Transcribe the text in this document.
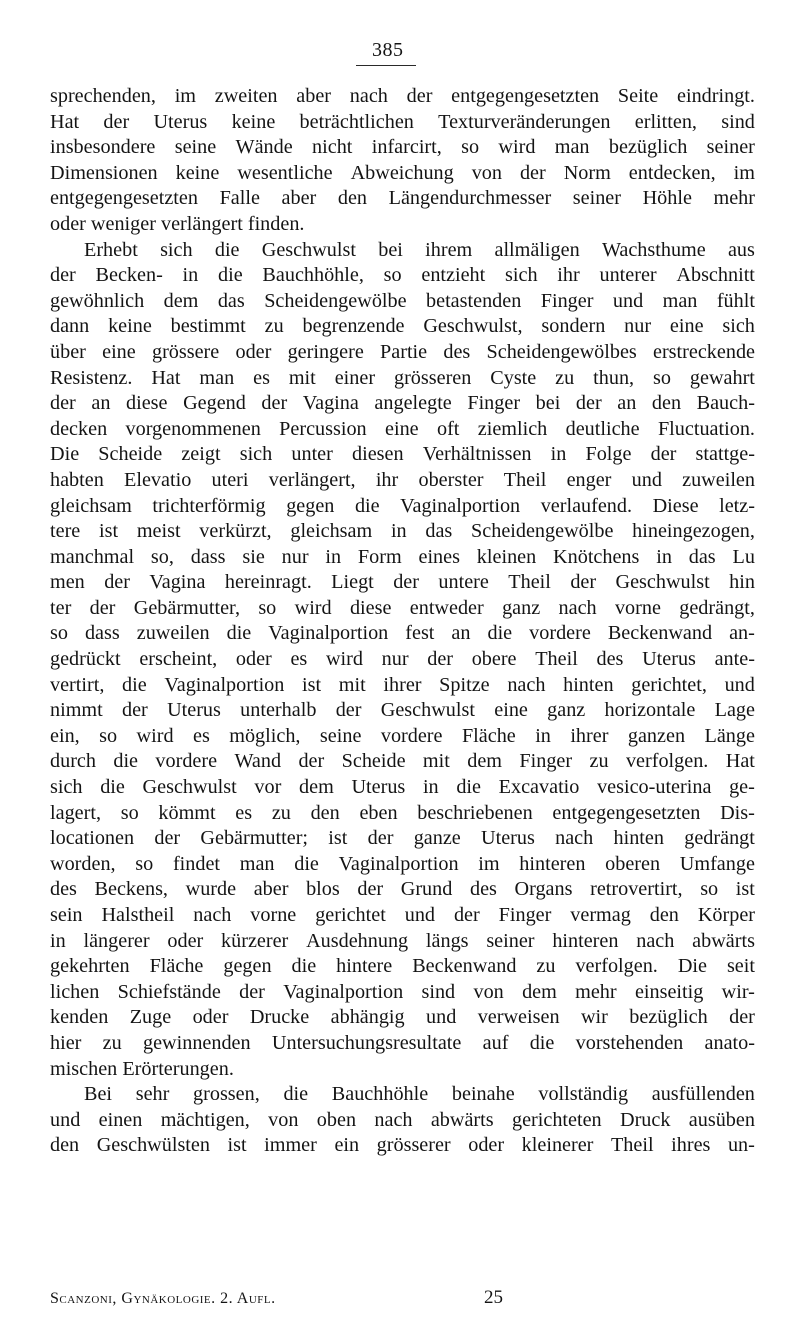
385
sprechenden, im zweiten aber nach der entgegengesetzten Seite eindringt.
Hat der Uterus keine beträchtlichen Texturveränderungen erlitten, sind
insbesondere seine Wände nicht infarcirt, so wird man bezüglich seiner
Dimensionen keine wesentliche Abweichung von der Norm entdecken, im
entgegengesetzten Falle aber den Längendurchmesser seiner Höhle mehr
oder weniger verlängert finden.
Erhebt sich die Geschwulst bei ihrem allmäligen Wachsthume aus
der Becken- in die Bauchhöhle, so entzieht sich ihr unterer Abschnitt
gewöhnlich dem das Scheidengewölbe betastenden Finger und man fühlt
dann keine bestimmt zu begrenzende Geschwulst, sondern nur eine sich
über eine grössere oder geringere Partie des Scheidengewölbes erstreckende
Resistenz. Hat man es mit einer grösseren Cyste zu thun, so gewahrt
der an diese Gegend der Vagina angelegte Finger bei der an den Bauch-
decken vorgenommenen Percussion eine oft ziemlich deutliche Fluctuation.
Die Scheide zeigt sich unter diesen Verhältnissen in Folge der stattge-
habten Elevatio uteri verlängert, ihr oberster Theil enger und zuweilen
gleichsam trichterförmig gegen die Vaginalportion verlaufend. Diese letz-
tere ist meist verkürzt, gleichsam in das Scheidengewölbe hineingezogen,
manchmal so, dass sie nur in Form eines kleinen Knötchens in das Lu
men der Vagina hereinragt. Liegt der untere Theil der Geschwulst hin
ter der Gebärmutter, so wird diese entweder ganz nach vorne gedrängt,
so dass zuweilen die Vaginalportion fest an die vordere Beckenwand an-
gedrückt erscheint, oder es wird nur der obere Theil des Uterus ante-
vertirt, die Vaginalportion ist mit ihrer Spitze nach hinten gerichtet, und
nimmt der Uterus unterhalb der Geschwulst eine ganz horizontale Lage
ein, so wird es möglich, seine vordere Fläche in ihrer ganzen Länge
durch die vordere Wand der Scheide mit dem Finger zu verfolgen. Hat
sich die Geschwulst vor dem Uterus in die Excavatio vesico-uterina ge-
lagert, so kömmt es zu den eben beschriebenen entgegengesetzten Dis-
locationen der Gebärmutter; ist der ganze Uterus nach hinten gedrängt
worden, so findet man die Vaginalportion im hinteren oberen Umfange
des Beckens, wurde aber blos der Grund des Organs retrovertirt, so ist
sein Halstheil nach vorne gerichtet und der Finger vermag den Körper
in längerer oder kürzerer Ausdehnung längs seiner hinteren nach abwärts
gekehrten Fläche gegen die hintere Beckenwand zu verfolgen. Die seit
lichen Schiefstände der Vaginalportion sind von dem mehr einseitig wir-
kenden Zuge oder Drucke abhängig und verweisen wir bezüglich der
hier zu gewinnenden Untersuchungsresultate auf die vorstehenden anato-
mischen Erörterungen.
Bei sehr grossen, die Bauchhöhle beinahe vollständig ausfüllenden
und einen mächtigen, von oben nach abwärts gerichteten Druck ausüben
den Geschwülsten ist immer ein grösserer oder kleinerer Theil ihres un-
Scanzoni, Gynäkologie. 2. Aufl.	25
